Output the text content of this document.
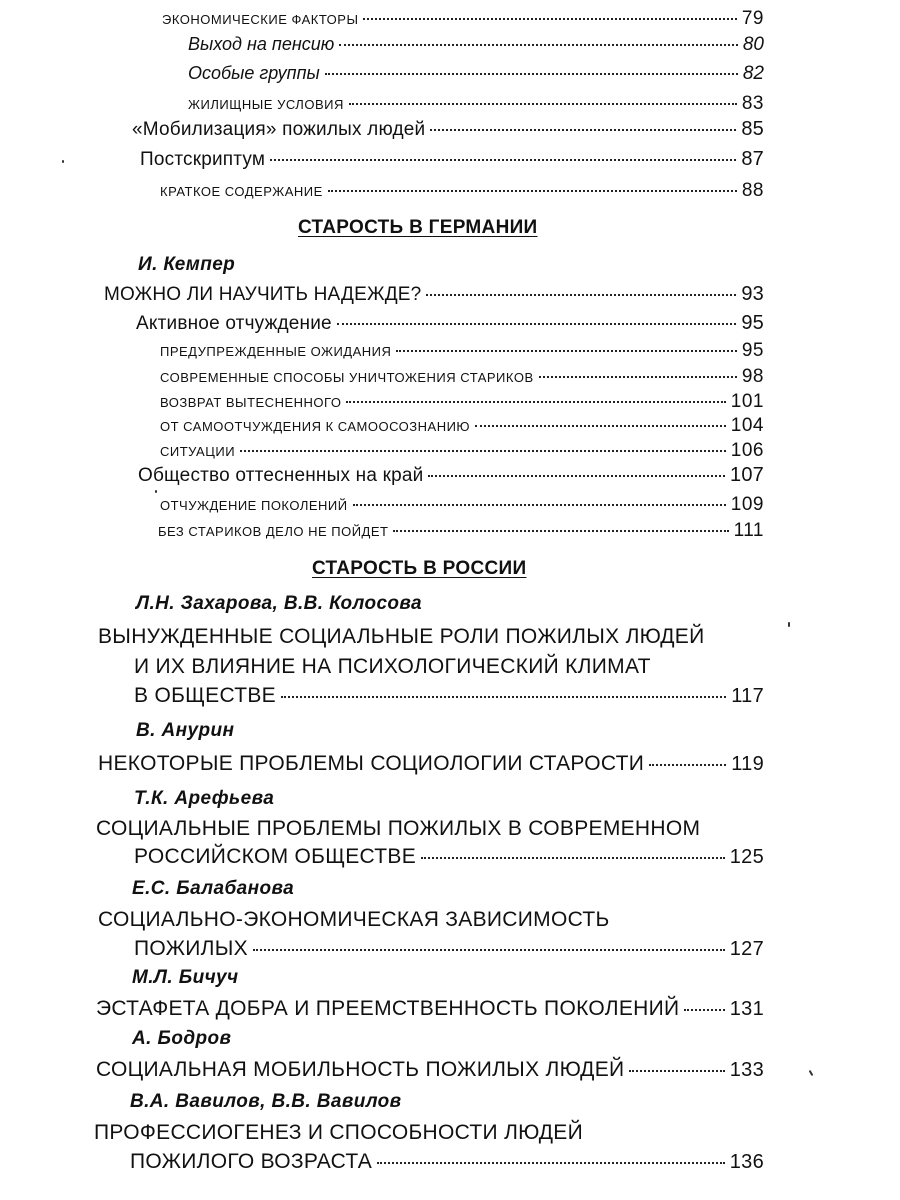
ЭКОНОМИЧЕСКИЕ ФАКТОРЫ	79
Выход на пенсию	80
Особые группы	82
ЖИЛИЩНЫЕ УСЛОВИЯ	83
«Мобилизация» пожилых людей	85
Постскриптум	87
КРАТКОЕ СОДЕРЖАНИЕ	88
СТАРОСТЬ В ГЕРМАНИИ
И. Кемпер
МОЖНО ЛИ НАУЧИТЬ НАДЕЖДЕ?	93
Активное отчуждение	95
ПРЕДУПРЕЖДЕННЫЕ ОЖИДАНИЯ	95
СОВРЕМЕННЫЕ СПОСОБЫ УНИЧТОЖЕНИЯ СТАРИКОВ	98
ВОЗВРАТ ВЫТЕСНЕННОГО	101
ОТ САМООТЧУЖДЕНИЯ К САМООСОЗНАНИЮ	104
СИТУАЦИИ	106
Общество оттесненных на край	107
ОТЧУЖДЕНИЕ ПОКОЛЕНИЙ	109
БЕЗ СТАРИКОВ ДЕЛО НЕ ПОЙДЕТ	111
СТАРОСТЬ В РОССИИ
Л.Н. Захарова, В.В. Колосова
ВЫНУЖДЕННЫЕ СОЦИАЛЬНЫЕ РОЛИ ПОЖИЛЫХ ЛЮДЕЙ
И ИХ ВЛИЯНИЕ НА ПСИХОЛОГИЧЕСКИЙ КЛИМАТ
В ОБЩЕСТВЕ	117
В. Анурин
НЕКОТОРЫЕ ПРОБЛЕМЫ СОЦИОЛОГИИ СТАРОСТИ	119
Т.К. Арефьева
СОЦИАЛЬНЫЕ ПРОБЛЕМЫ ПОЖИЛЫХ В СОВРЕМЕННОМ
РОССИЙСКОМ ОБЩЕСТВЕ	125
Е.С. Балабанова
СОЦИАЛЬНО-ЭКОНОМИЧЕСКАЯ ЗАВИСИМОСТЬ
ПОЖИЛЫХ	127
М.Л. Бичуч
ЭСТАФЕТА ДОБРА И ПРЕЕМСТВЕННОСТЬ ПОКОЛЕНИЙ	131
А. Бодров
СОЦИАЛЬНАЯ МОБИЛЬНОСТЬ ПОЖИЛЫХ ЛЮДЕЙ	133
В.А. Вавилов, В.В. Вавилов
ПРОФЕССИОГЕНЕЗ И СПОСОБНОСТИ ЛЮДЕЙ
ПОЖИЛОГО ВОЗРАСТА	136
